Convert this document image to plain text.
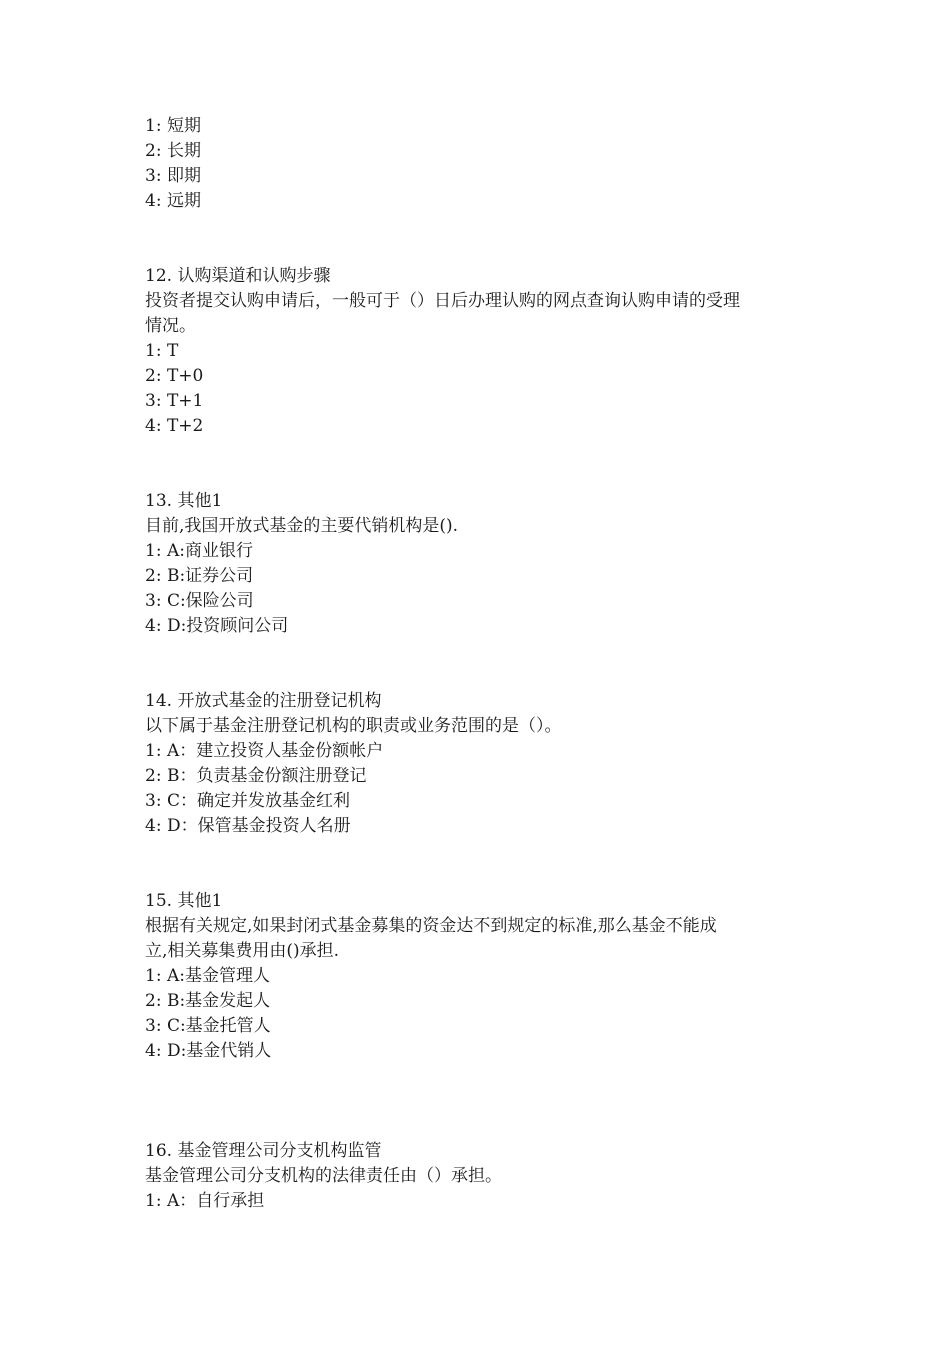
1: 短期

2: 长期

3: 即期

4: 远期

12. 认购渠道和认购步骤

投资者提交认购申请后，一般可于（）日后办理认购的网点查询认购申请的受理

情况。

1: T

2: T+0

3: T+1

4: T+2

13. 其他1

目前,我国开放式基金的主要代销机构是().

1: A:商业银行

2: B:证券公司

3: C:保险公司

4: D:投资顾问公司

14. 开放式基金的注册登记机构

以下属于基金注册登记机构的职责或业务范围的是（）。

1: A：建立投资人基金份额帐户

2: B：负责基金份额注册登记

3: C：确定并发放基金红利

4: D：保管基金投资人名册

15. 其他1

根据有关规定,如果封闭式基金募集的资金达不到规定的标准,那么基金不能成

立,相关募集费用由()承担.

1: A:基金管理人

2: B:基金发起人

3: C:基金托管人

4: D:基金代销人

16. 基金管理公司分支机构监管

基金管理公司分支机构的法律责任由（）承担。

1: A：自行承担
